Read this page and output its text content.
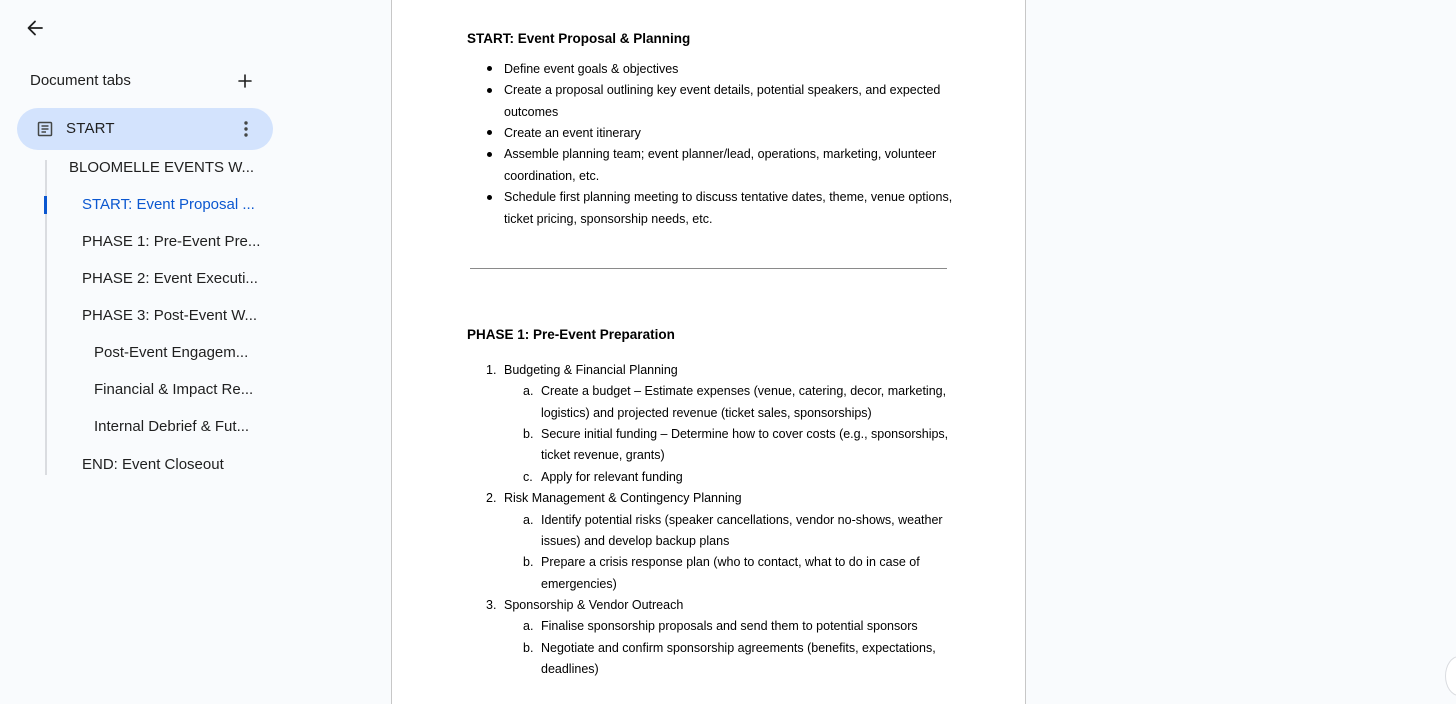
Document tabs
START
BLOOMELLE EVENTS W...
START: Event Proposal ...
PHASE 1: Pre-Event Pre...
PHASE 2: Event Executi...
PHASE 3: Post-Event W...
Post-Event Engagem...
Financial & Impact Re...
Internal Debrief & Fut...
END: Event Closeout
START: Event Proposal & Planning
Define event goals & objectives
Create a proposal outlining key event details, potential speakers, and expected
outcomes
Create an event itinerary
Assemble planning team; event planner/lead, operations, marketing, volunteer
coordination, etc.
Schedule first planning meeting to discuss tentative dates, theme, venue options,
ticket pricing, sponsorship needs, etc.
PHASE 1: Pre-Event Preparation
1. Budgeting & Financial Planning
a. Create a budget – Estimate expenses (venue, catering, decor, marketing,
logistics) and projected revenue (ticket sales, sponsorships)
b. Secure initial funding – Determine how to cover costs (e.g., sponsorships,
ticket revenue, grants)
c. Apply for relevant funding
2. Risk Management & Contingency Planning
a. Identify potential risks (speaker cancellations, vendor no-shows, weather
issues) and develop backup plans
b. Prepare a crisis response plan (who to contact, what to do in case of
emergencies)
3. Sponsorship & Vendor Outreach
a. Finalise sponsorship proposals and send them to potential sponsors
b. Negotiate and confirm sponsorship agreements (benefits, expectations,
deadlines)
